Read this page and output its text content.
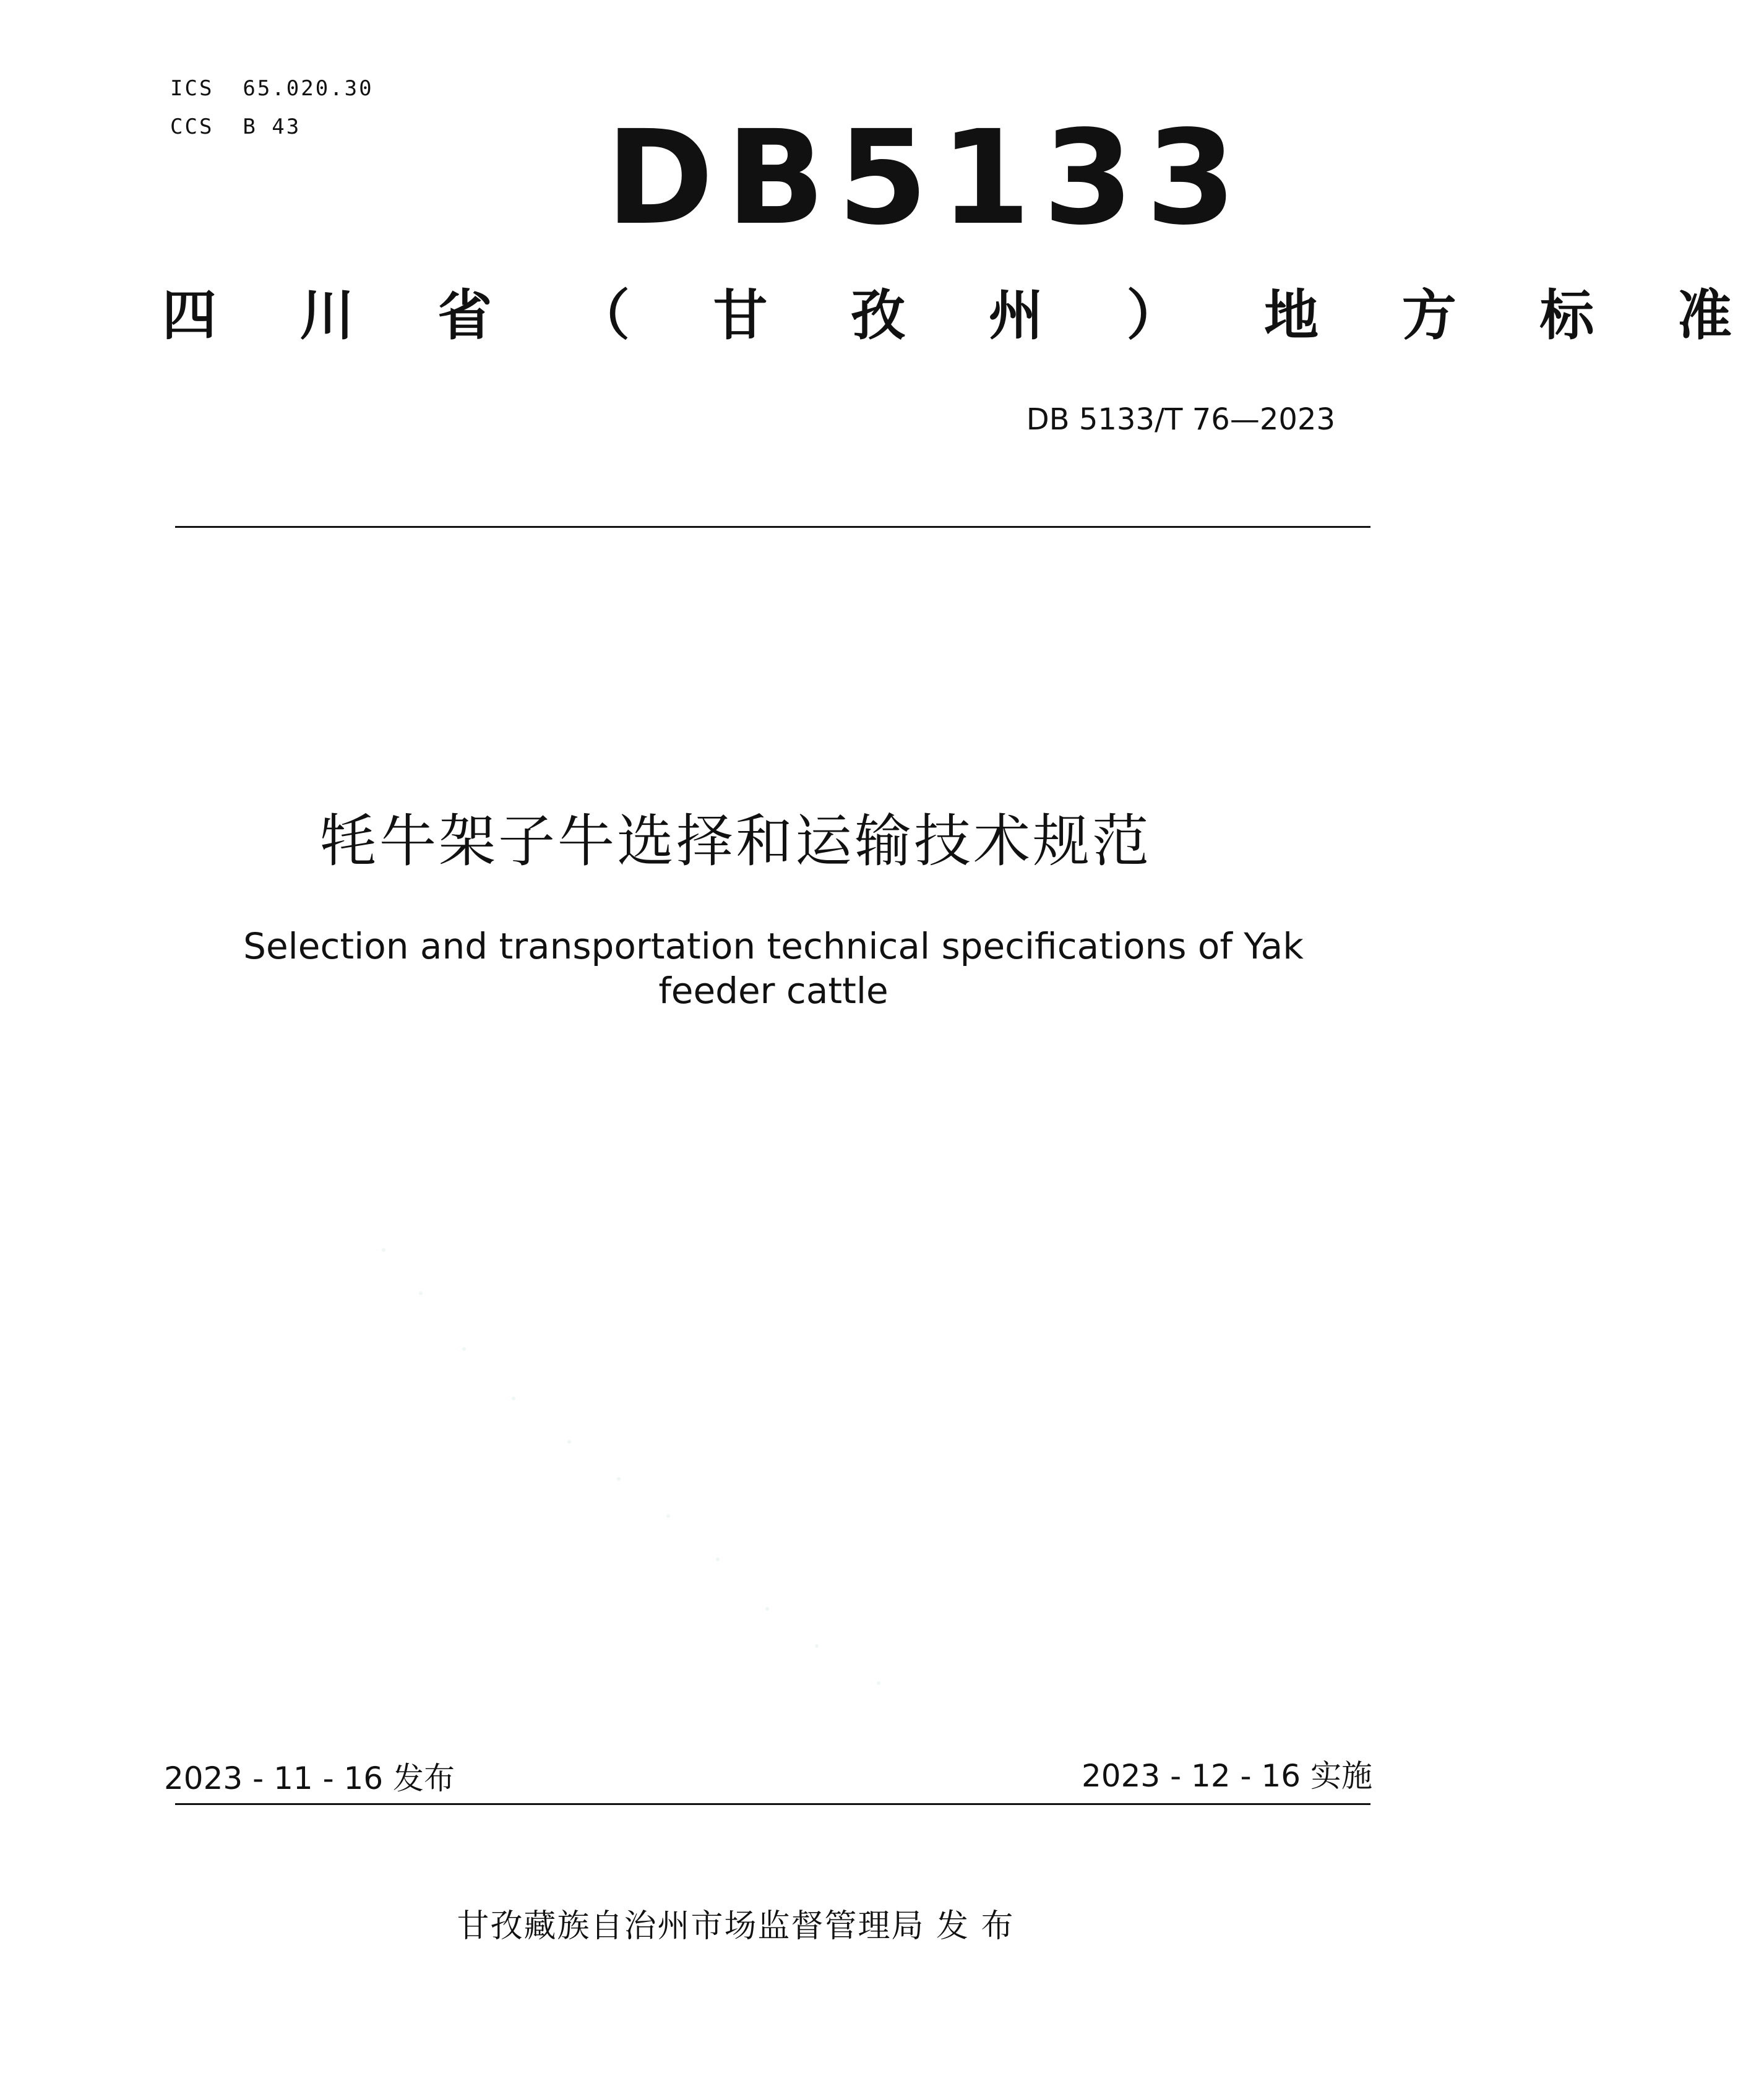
ICS  65.020.30
CCS  B 43	DB5133
四 川 省 （ 甘 孜 州 ） 地 方 标 准
DB 5133/T 76—2023
牦牛架子牛选择和运输技术规范
Selection and transportation technical specifications of Yak feeder cattle
2023 - 11 - 16 发布	2023 - 12 - 16 实施
甘孜藏族自治州市场监督管理局 发 布
